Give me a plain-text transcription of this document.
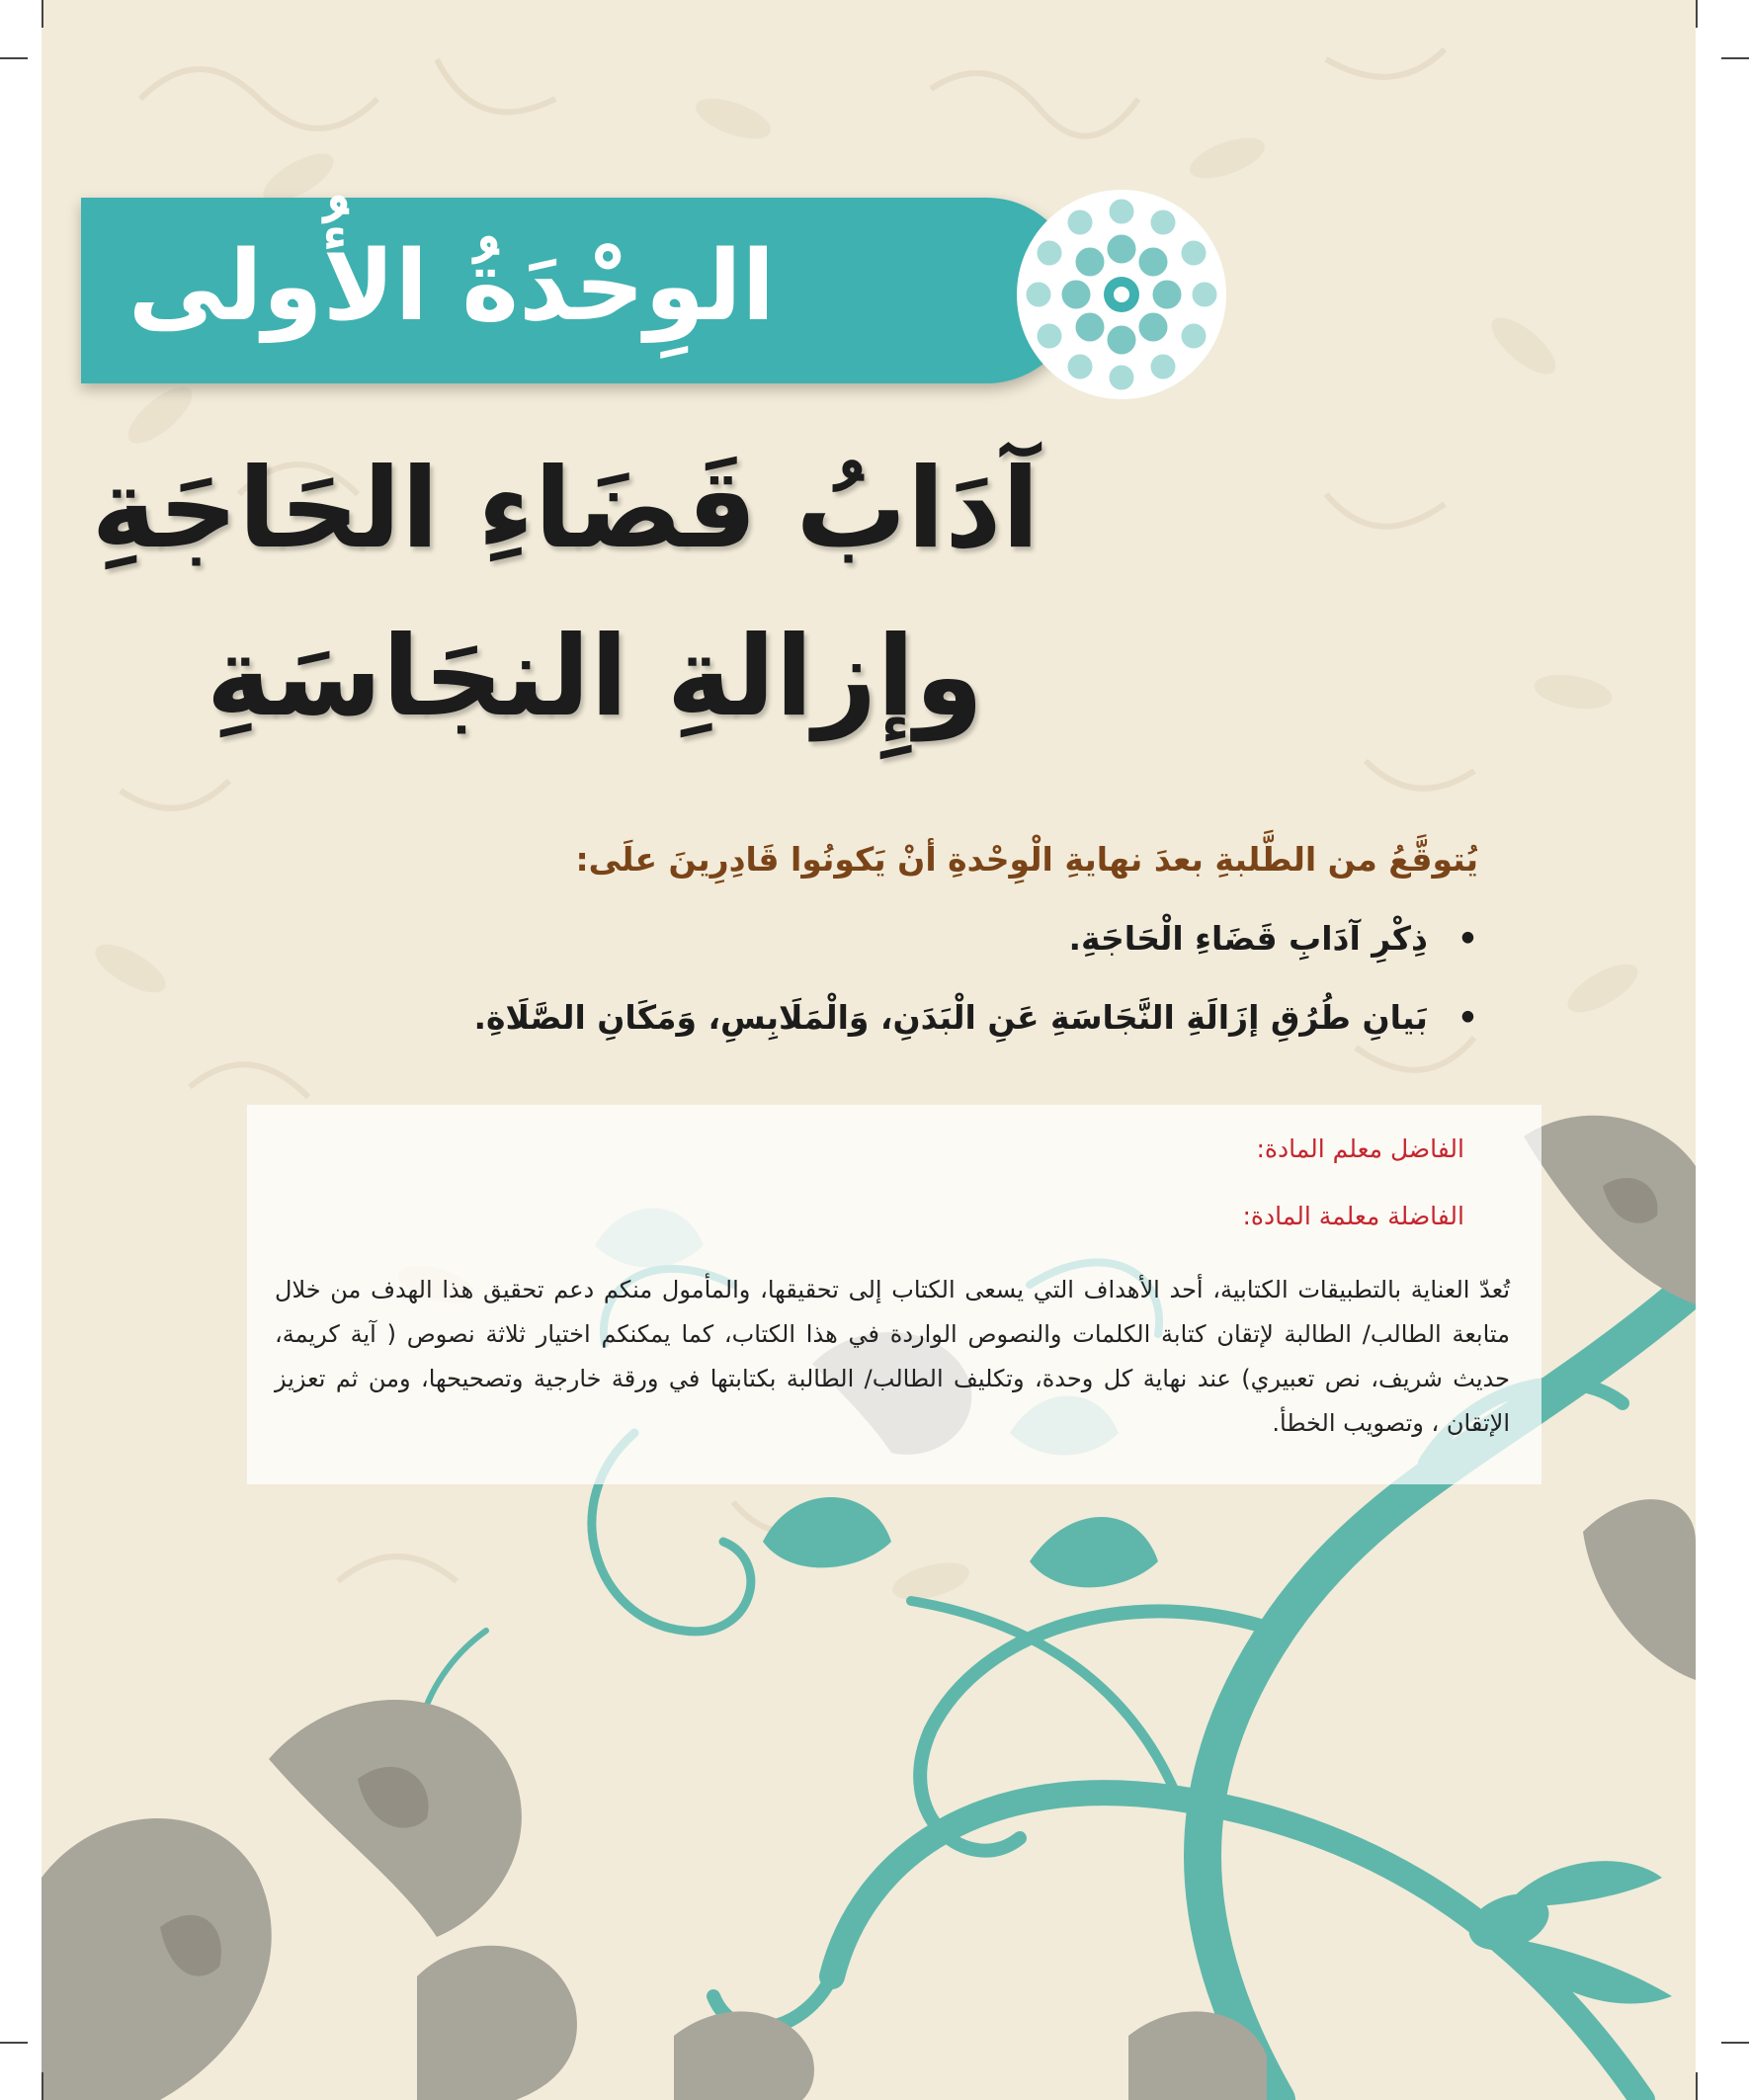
الوِحْدَةُ الأُولى
آدَابُ قَضَاءِ الحَاجَةِ
وإِزالةِ النجَاسَةِ
يُتوقَّعُ من الطَّلبةِ بعدَ نهايةِ الْوِحْدةِ أنْ يَكونُوا قَادِرِينَ علَى:
•ذِكْرِ آدَابِ قَضَاءِ الْحَاجَةِ.
•بَيانِ طُرُقِ إزَالَةِ النَّجَاسَةِ عَنِ الْبَدَنِ، وَالْمَلَابِسِ، وَمَكَانِ الصَّلَاةِ.
الفاضل معلم المادة:
الفاضلة معلمة المادة:
تُعدّ العناية بالتطبيقات الكتابية، أحد الأهداف التي يسعى الكتاب إلى تحقيقها، والمأمول منكم دعم تحقيق هذا الهدف من خلال متابعة الطالب/ الطالبة لإتقان كتابة الكلمات والنصوص الواردة في هذا الكتاب، كما يمكنكم اختيار ثلاثة نصوص ( آية كريمة، حديث شريف، نص تعبيري) عند نهاية كل وحدة، وتكليف الطالب/ الطالبة بكتابتها في ورقة خارجية وتصحيحها، ومن ثم تعزيز الإتقان ، وتصويب الخطأ.
